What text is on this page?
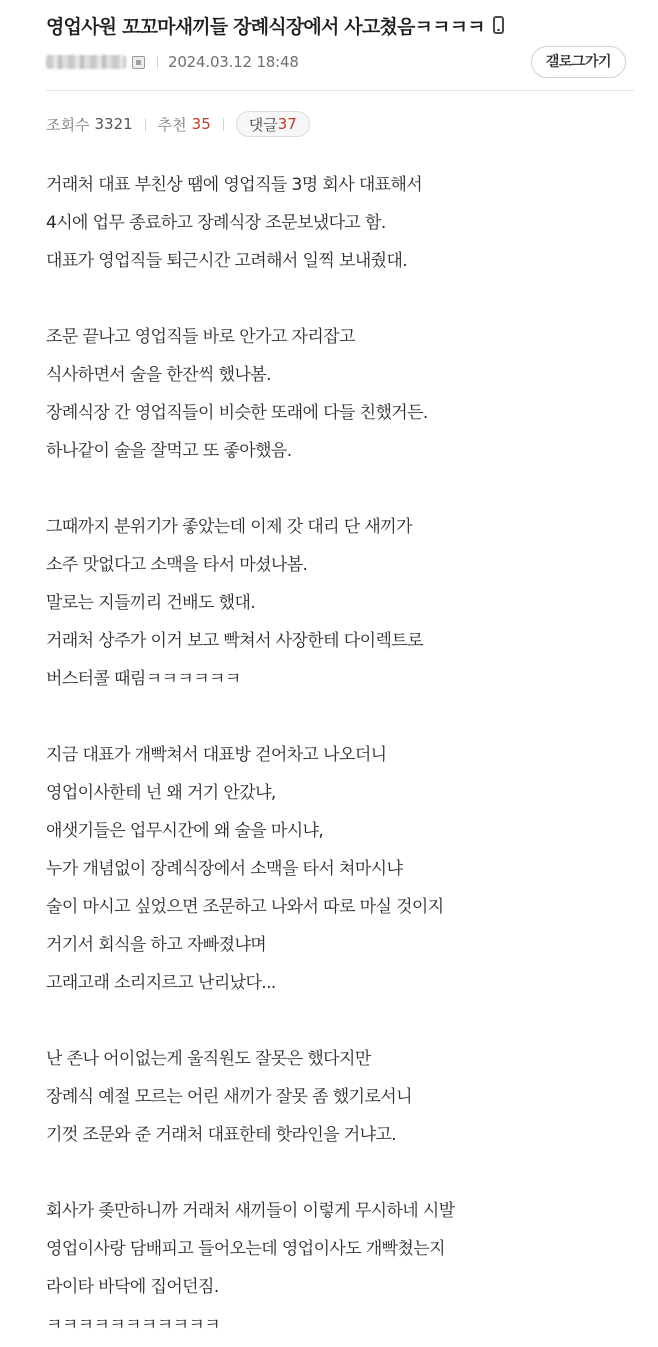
영업사원 꼬꼬마새끼들 장례식장에서 사고쳤음ㅋㅋㅋㅋ
2024.03.12 18:48	갤로그가기
조회수 3321 추천 35	댓글 37
거래처 대표 부친상 땜에 영업직들 3명 회사 대표해서
4시에 업무 종료하고 장례식장 조문보냈다고 함.
대표가 영업직들 퇴근시간 고려해서 일찍 보내줬대.
조문 끝나고 영업직들 바로 안가고 자리잡고
식사하면서 술을 한잔씩 했나봄.
장례식장 간 영업직들이 비슷한 또래에 다들 친했거든.
하나같이 술을 잘먹고 또 좋아했음.
그때까지 분위기가 좋았는데 이제 갓 대리 단 새끼가
소주 맛없다고 소맥을 타서 마셨나봄.
말로는 지들끼리 건배도 했대.
거래처 상주가 이거 보고 빡쳐서 사장한테 다이렉트로
버스터콜 때림ㅋㅋㅋㅋㅋㅋ
지금 대표가 개빡쳐서 대표방 걷어차고 나오더니
영업이사한테 넌 왜 거기 안갔냐,
애샛기들은 업무시간에 왜 술을 마시냐,
누가 개념없이 장례식장에서 소맥을 타서 쳐마시냐
술이 마시고 싶었으면 조문하고 나와서 따로 마실 것이지
거기서 회식을 하고 자빠졌냐며
고래고래 소리지르고 난리났다...
난 존나 어이없는게 울직원도 잘못은 했다지만
장례식 예절 모르는 어린 새끼가 잘못 좀 했기로서니
기껏 조문와 준 거래처 대표한테 핫라인을 거냐고.
회사가 좆만하니까 거래처 새끼들이 이렇게 무시하네 시발
영업이사랑 담배피고 들어오는데 영업이사도 개빡쳤는지
라이타 바닥에 집어던짐.
ㅋㅋㅋㅋㅋㅋㅋㅋㅋㅋㅋ
